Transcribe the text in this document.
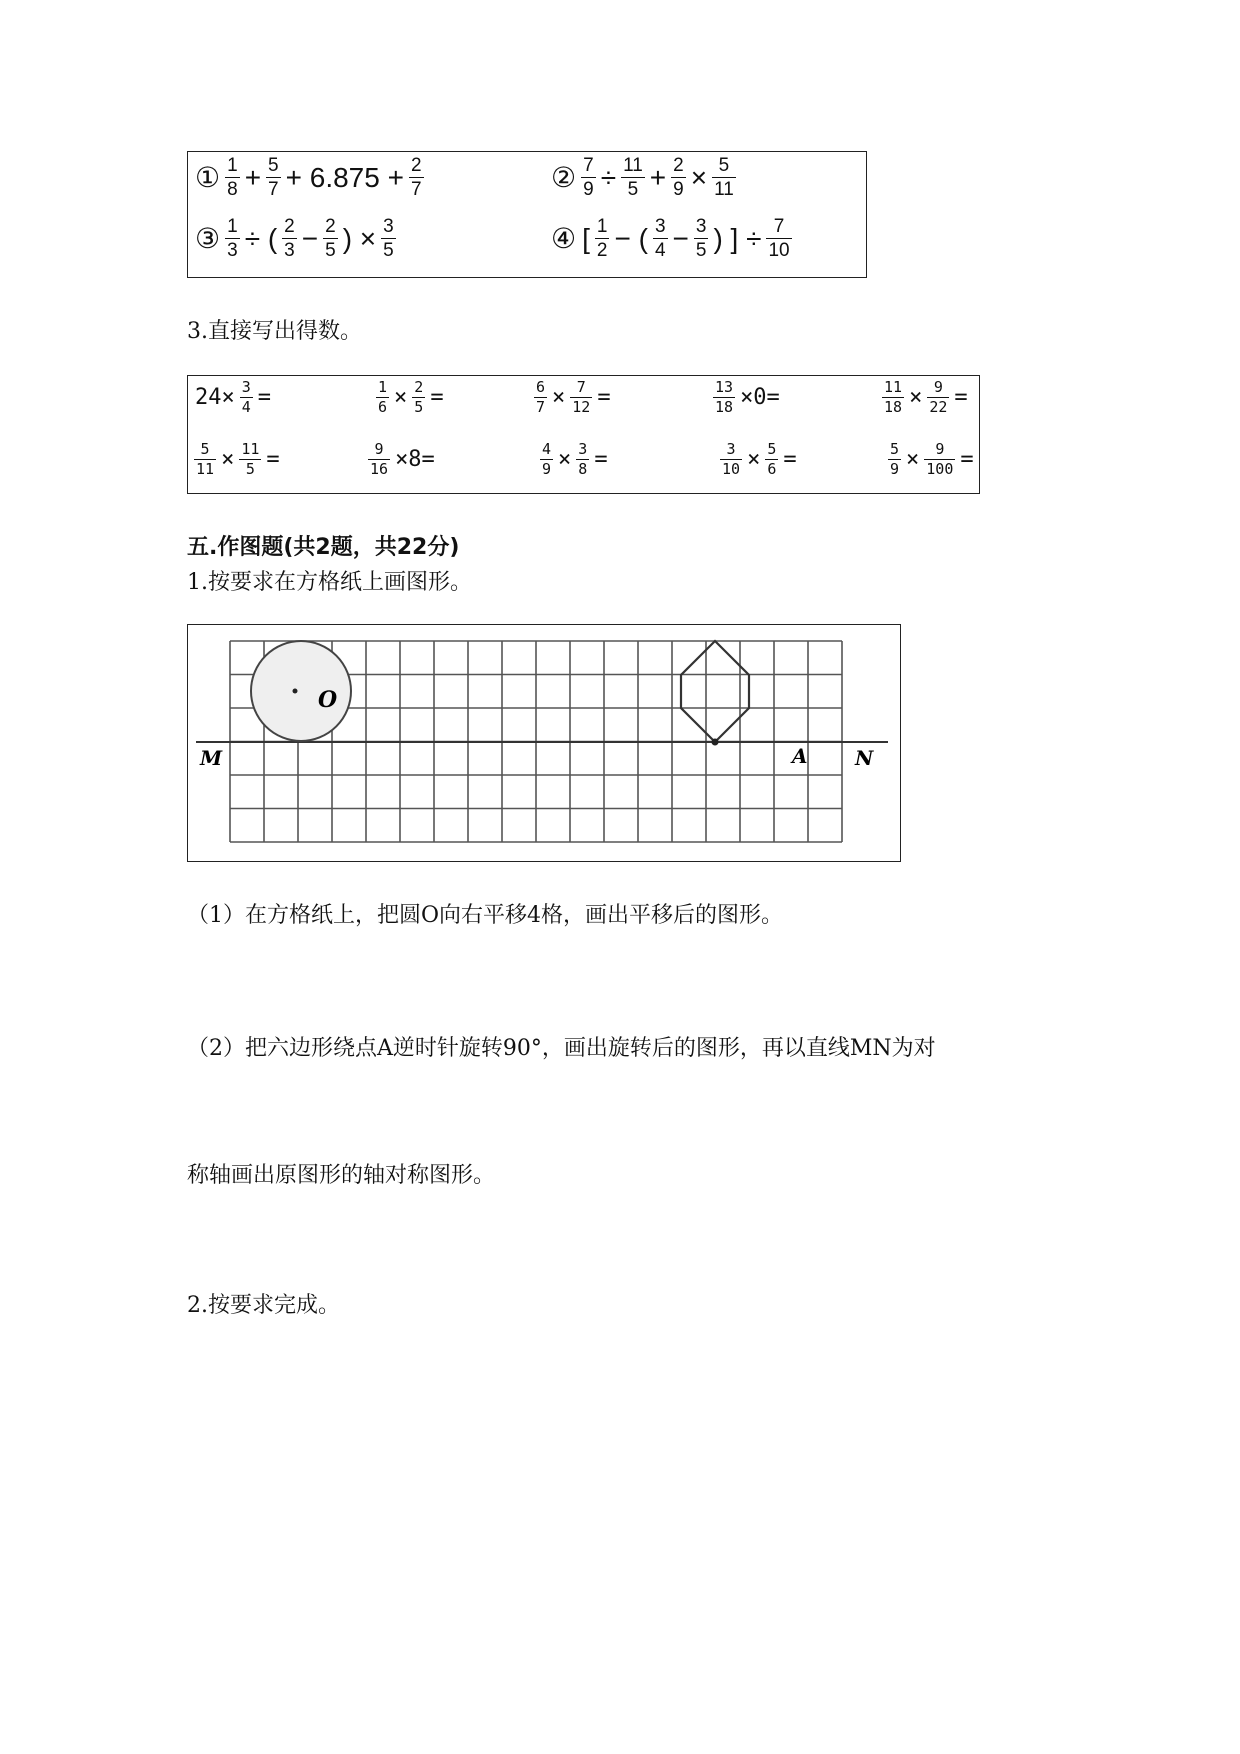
① $\frac{1}{8} + \frac{5}{7} + 6.875 + \frac{2}{7}$	② $\frac{7}{9} \div \frac{11}{5} + \frac{2}{9} \times \frac{5}{11}$
③ $\frac{1}{3}$ ÷ ( $\frac{2}{3} - \frac{2}{5}$ ) × $\frac{3}{5}$	④ [ $\frac{1}{2}$ − ( $\frac{3}{4} - \frac{3}{5}$ ) ] ÷ $\frac{7}{10}$
3.直接写出得数。
$24\times \frac{3}{4}$ =	$\frac{1}{6} \times \frac{2}{5}$ =	$\frac{6}{7} \times \frac{7}{12}$ =	$\frac{13}{18} \times 0=$	$\frac{11}{18} \times \frac{9}{22}$ =
$\frac{5}{11} \times \frac{11}{5}$ =	$\frac{9}{16} \times 8=$	$\frac{4}{9} \times \frac{3}{8}$ =	$\frac{3}{10} \times \frac{5}{6}$ =	$\frac{5}{9} \times \frac{9}{100}$ =
五.作图题(共2题，共22分)
1.按要求在方格纸上画图形。
O
M	A N
（1）在方格纸上，把圆O向右平移4格，画出平移后的图形。
（2）把六边形绕点A逆时针旋转90°，画出旋转后的图形，再以直线MN为对
称轴画出原图形的轴对称图形。
2.按要求完成。
